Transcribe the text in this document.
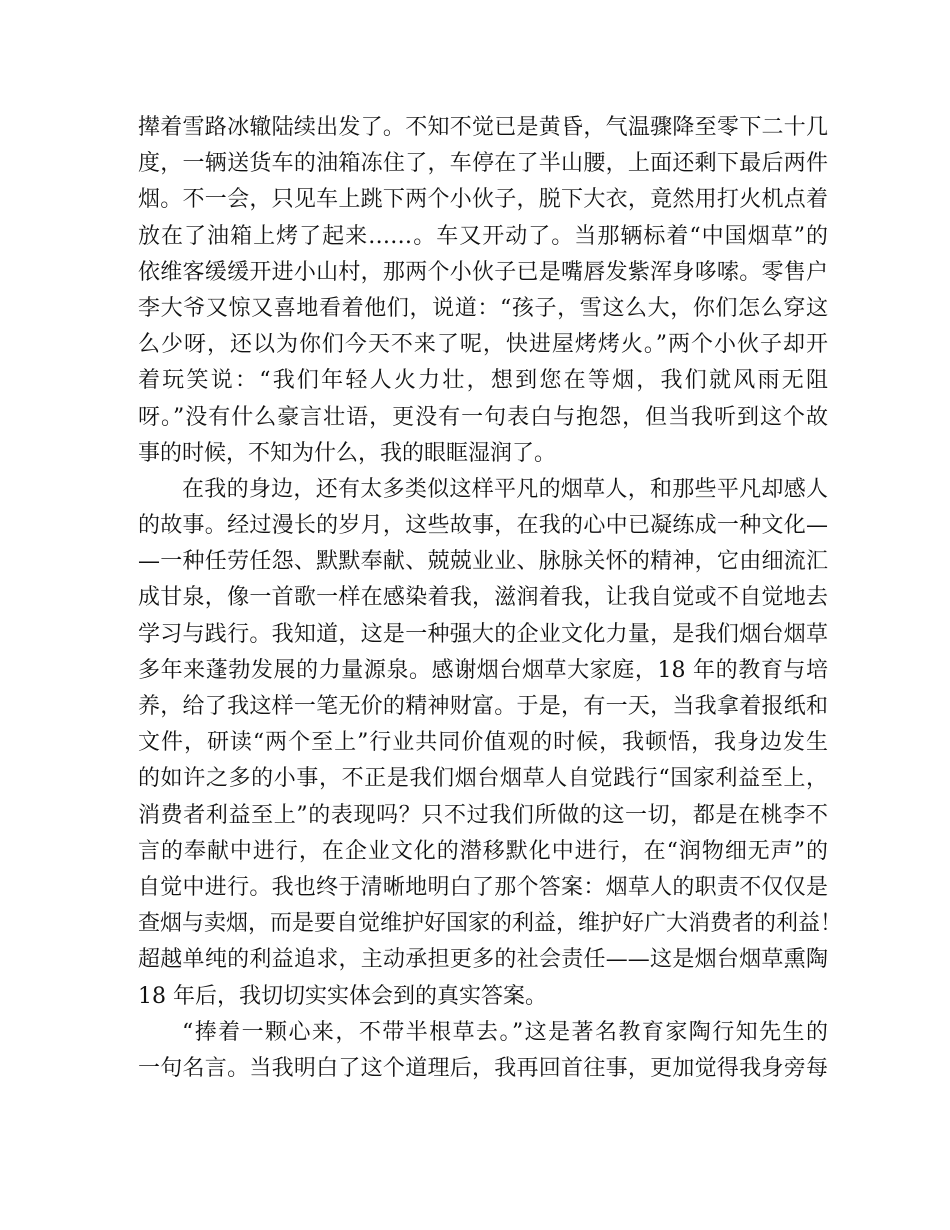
撵着雪路冰辙陆续出发了。不知不觉已是黄昏，气温骤降至零下二十几
度，一辆送货车的油箱冻住了，车停在了半山腰，上面还剩下最后两件
烟。不一会，只见车上跳下两个小伙子，脱下大衣，竟然用打火机点着
放在了油箱上烤了起来……。车又开动了。当那辆标着“中国烟草”的
依维客缓缓开进小山村，那两个小伙子已是嘴唇发紫浑身哆嗦。零售户
李大爷又惊又喜地看着他们，说道：“孩子，雪这么大，你们怎么穿这
么少呀，还以为你们今天不来了呢，快进屋烤烤火。”两个小伙子却开
着玩笑说：“我们年轻人火力壮，想到您在等烟，我们就风雨无阻
呀。”没有什么豪言壮语，更没有一句表白与抱怨，但当我听到这个故
事的时候，不知为什么，我的眼眶湿润了。
在我的身边，还有太多类似这样平凡的烟草人，和那些平凡却感人
的故事。经过漫长的岁月，这些故事，在我的心中已凝练成一种文化—
—一种任劳任怨、默默奉献、兢兢业业、脉脉关怀的精神，它由细流汇
成甘泉，像一首歌一样在感染着我，滋润着我，让我自觉或不自觉地去
学习与践行。我知道，这是一种强大的企业文化力量，是我们烟台烟草
多年来蓬勃发展的力量源泉。感谢烟台烟草大家庭，18 年的教育与培
养，给了我这样一笔无价的精神财富。于是，有一天，当我拿着报纸和
文件，研读“两个至上”行业共同价值观的时候，我顿悟，我身边发生
的如许之多的小事，不正是我们烟台烟草人自觉践行“国家利益至上，
消费者利益至上”的表现吗？只不过我们所做的这一切，都是在桃李不
言的奉献中进行，在企业文化的潜移默化中进行，在“润物细无声”的
自觉中进行。我也终于清晰地明白了那个答案：烟草人的职责不仅仅是
查烟与卖烟，而是要自觉维护好国家的利益，维护好广大消费者的利益！
超越单纯的利益追求，主动承担更多的社会责任——这是烟台烟草熏陶
18 年后，我切切实实体会到的真实答案。
“捧着一颗心来，不带半根草去。”这是著名教育家陶行知先生的
一句名言。当我明白了这个道理后，我再回首往事，更加觉得我身旁每
